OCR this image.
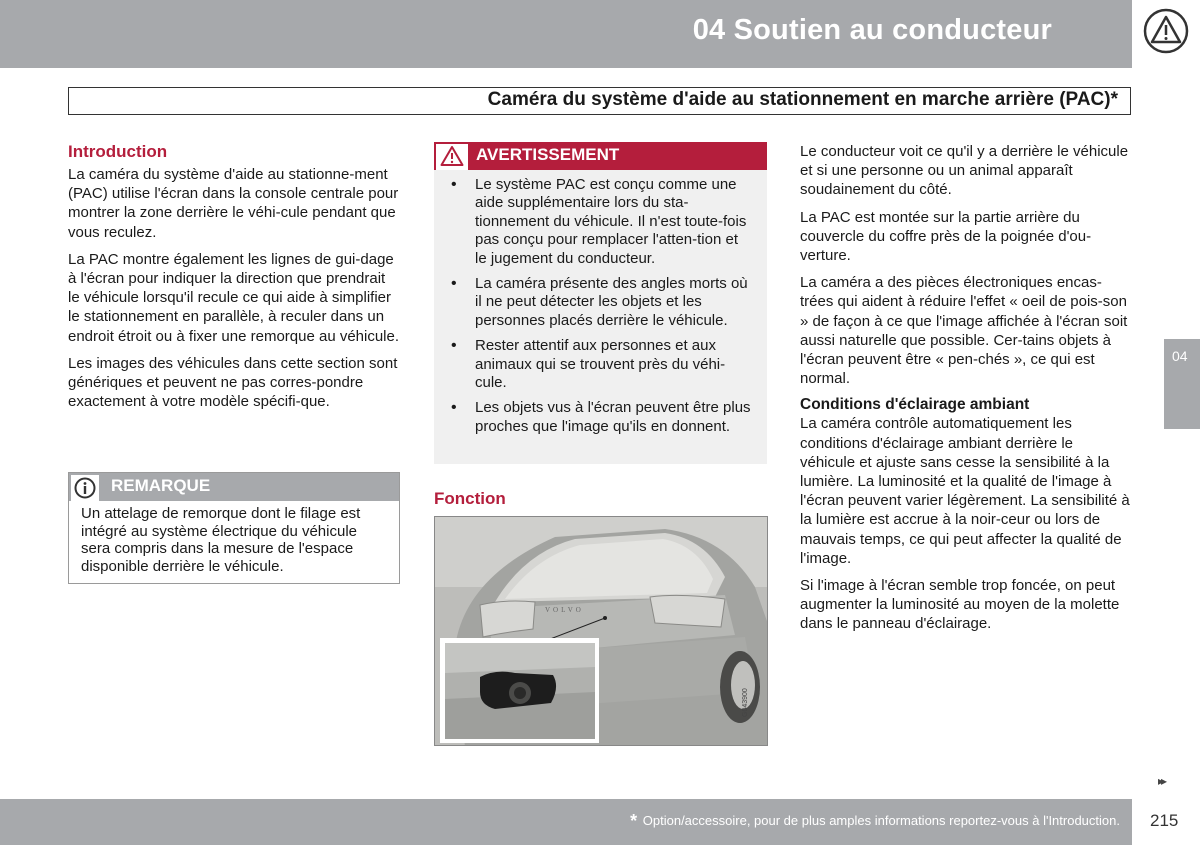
04 Soutien au conducteur
Caméra du système d'aide au stationnement en marche arrière (PAC)*
Introduction

La caméra du système d'aide au stationne-ment (PAC) utilise l'écran dans la console centrale pour montrer la zone derrière le véhi-cule pendant que vous reculez.

La PAC montre également les lignes de gui-dage à l'écran pour indiquer la direction que prendrait le véhicule lorsqu'il recule ce qui aide à simplifier le stationnement en parallèle, à reculer dans un endroit étroit ou à fixer une remorque au véhicule.

Les images des véhicules dans cette section sont génériques et peuvent ne pas corres-pondre exactement à votre modèle spécifi-que.

REMARQUE
Un attelage de remorque dont le filage est intégré au système électrique du véhicule sera compris dans la mesure de l'espace disponible derrière le véhicule.
AVERTISSEMENT
• Le système PAC est conçu comme une aide supplémentaire lors du sta-tionnement du véhicule. Il n'est toute-fois pas conçu pour remplacer l'atten-tion et le jugement du conducteur.
• La caméra présente des angles morts où il ne peut détecter les objets et les personnes placés derrière le véhicule.
• Rester attentif aux personnes et aux animaux qui se trouvent près du véhi-cule.
• Les objets vus à l'écran peuvent être plus proches que l'image qu'ils en donnent.
Fonction
VOLVO
G043900

Le conducteur voit ce qu'il y a derrière le véhicule et si une personne ou un animal apparaît soudainement du côté.

La PAC est montée sur la partie arrière du couvercle du coffre près de la poignée d'ou-verture.

La caméra a des pièces électroniques encas-trées qui aident à réduire l'effet « oeil de pois-son » de façon à ce que l'image affichée à l'écran soit aussi naturelle que possible. Cer-tains objets à l'écran peuvent être « pen-chés », ce qui est normal.

Conditions d'éclairage ambiant

La caméra contrôle automatiquement les conditions d'éclairage ambiant derrière le véhicule et ajuste sans cesse la sensibilité à la lumière. La luminosité et la qualité de l'image à l'écran peuvent varier légèrement. La sensibilité à la lumière est accrue à la noir-ceur ou lors de mauvais temps, ce qui peut affecter la qualité de l'image.

Si l'image à l'écran semble trop foncée, on peut augmenter la luminosité au moyen de la molette dans le panneau d'éclairage.

04
▸▸
* Option/accessoire, pour de plus amples informations reportez-vous à l'Introduction. 215
